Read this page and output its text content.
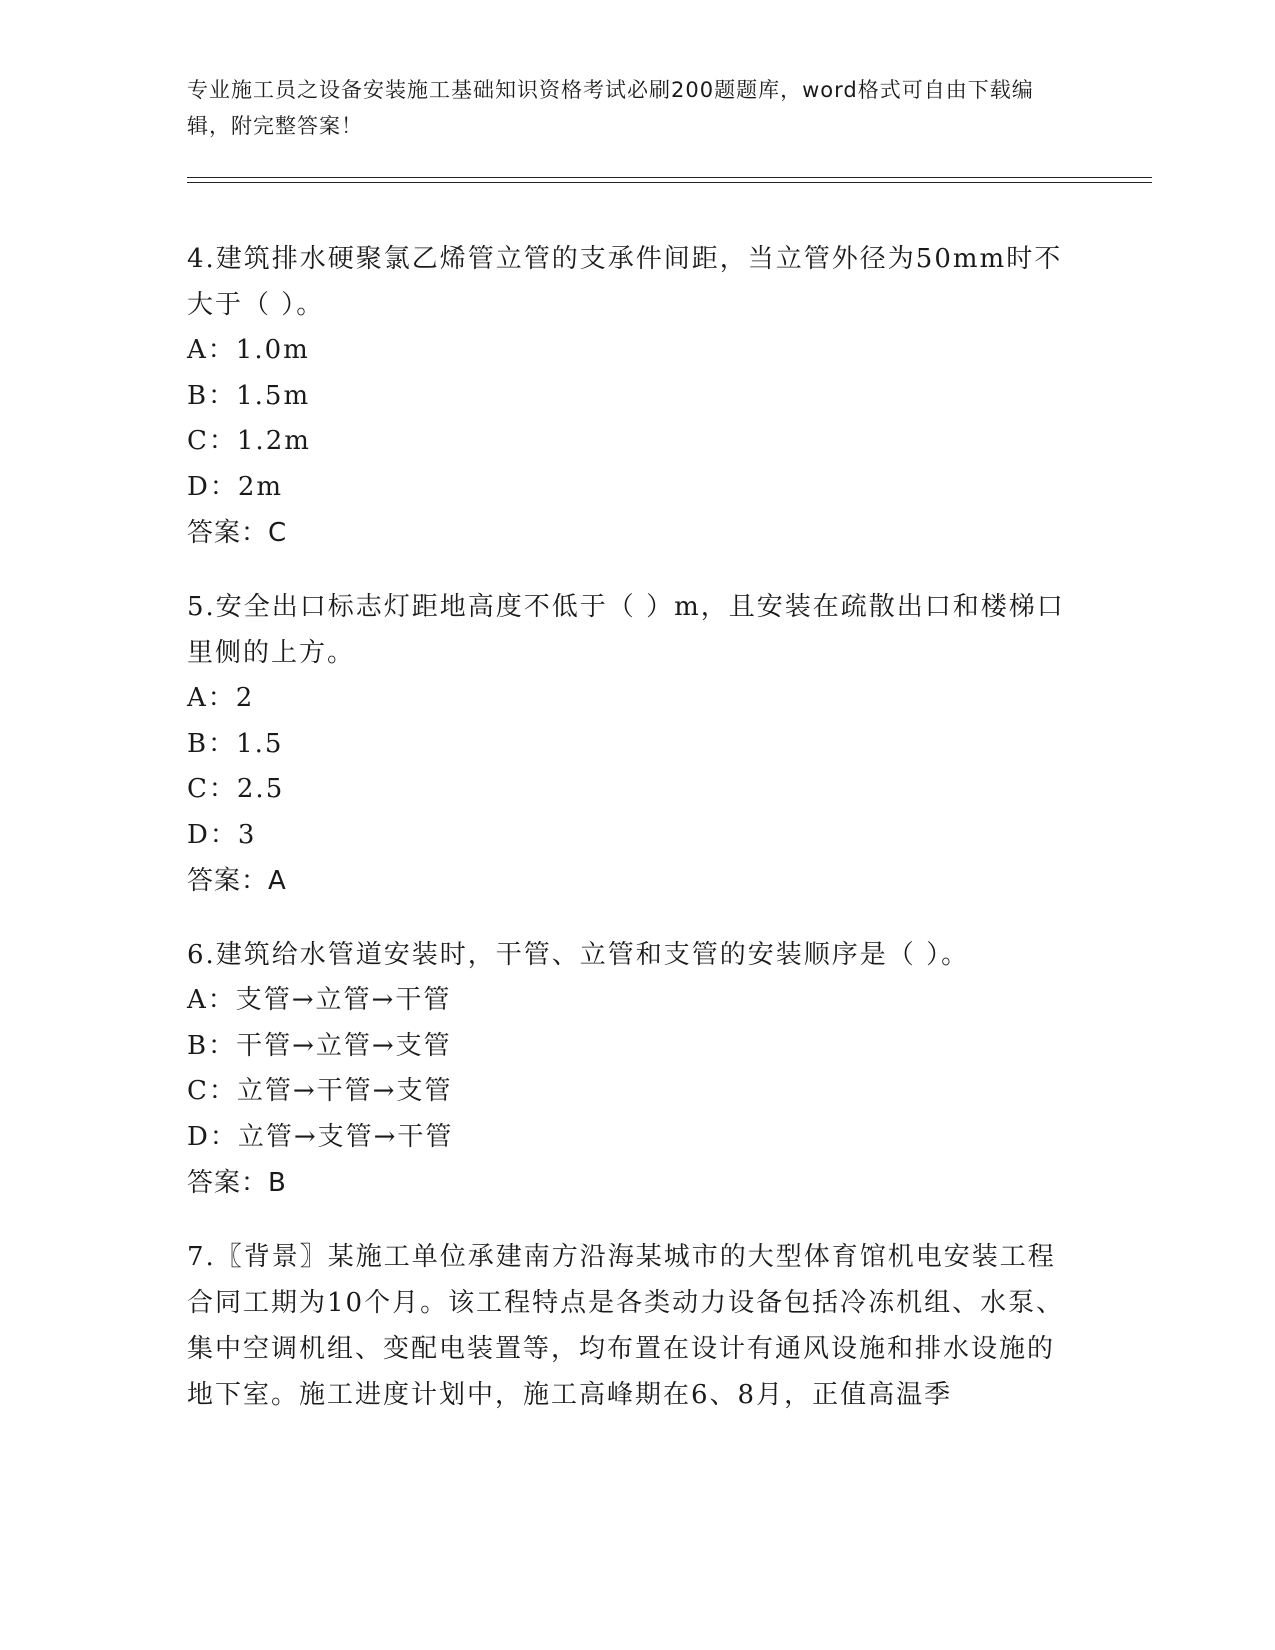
专业施工员之设备安装施工基础知识资格考试必刷200题题库，word格式可自由下载编辑，附完整答案！

4.建筑排水硬聚氯乙烯管立管的支承件间距，当立管外径为50mm时不大于（ ）。

A：1.0m

B：1.5m

C：1.2m

D：2m

答案：C

5.安全出口标志灯距地高度不低于（ ）m，且安装在疏散出口和楼梯口里侧的上方。

A：2

B：1.5

C：2.5

D：3

答案：A

6.建筑给水管道安装时，干管、立管和支管的安装顺序是（ ）。

A：支管→立管→干管

B：干管→立管→支管

C：立管→干管→支管

D：立管→支管→干管

答案：B

7.〖背景〗某施工单位承建南方沿海某城市的大型体育馆机电安装工程合同工期为10个月。该工程特点是各类动力设备包括冷冻机组、水泵、集中空调机组、变配电装置等，均布置在设计有通风设施和排水设施的地下室。施工进度计划中，施工高峰期在6、8月，正值高温季
